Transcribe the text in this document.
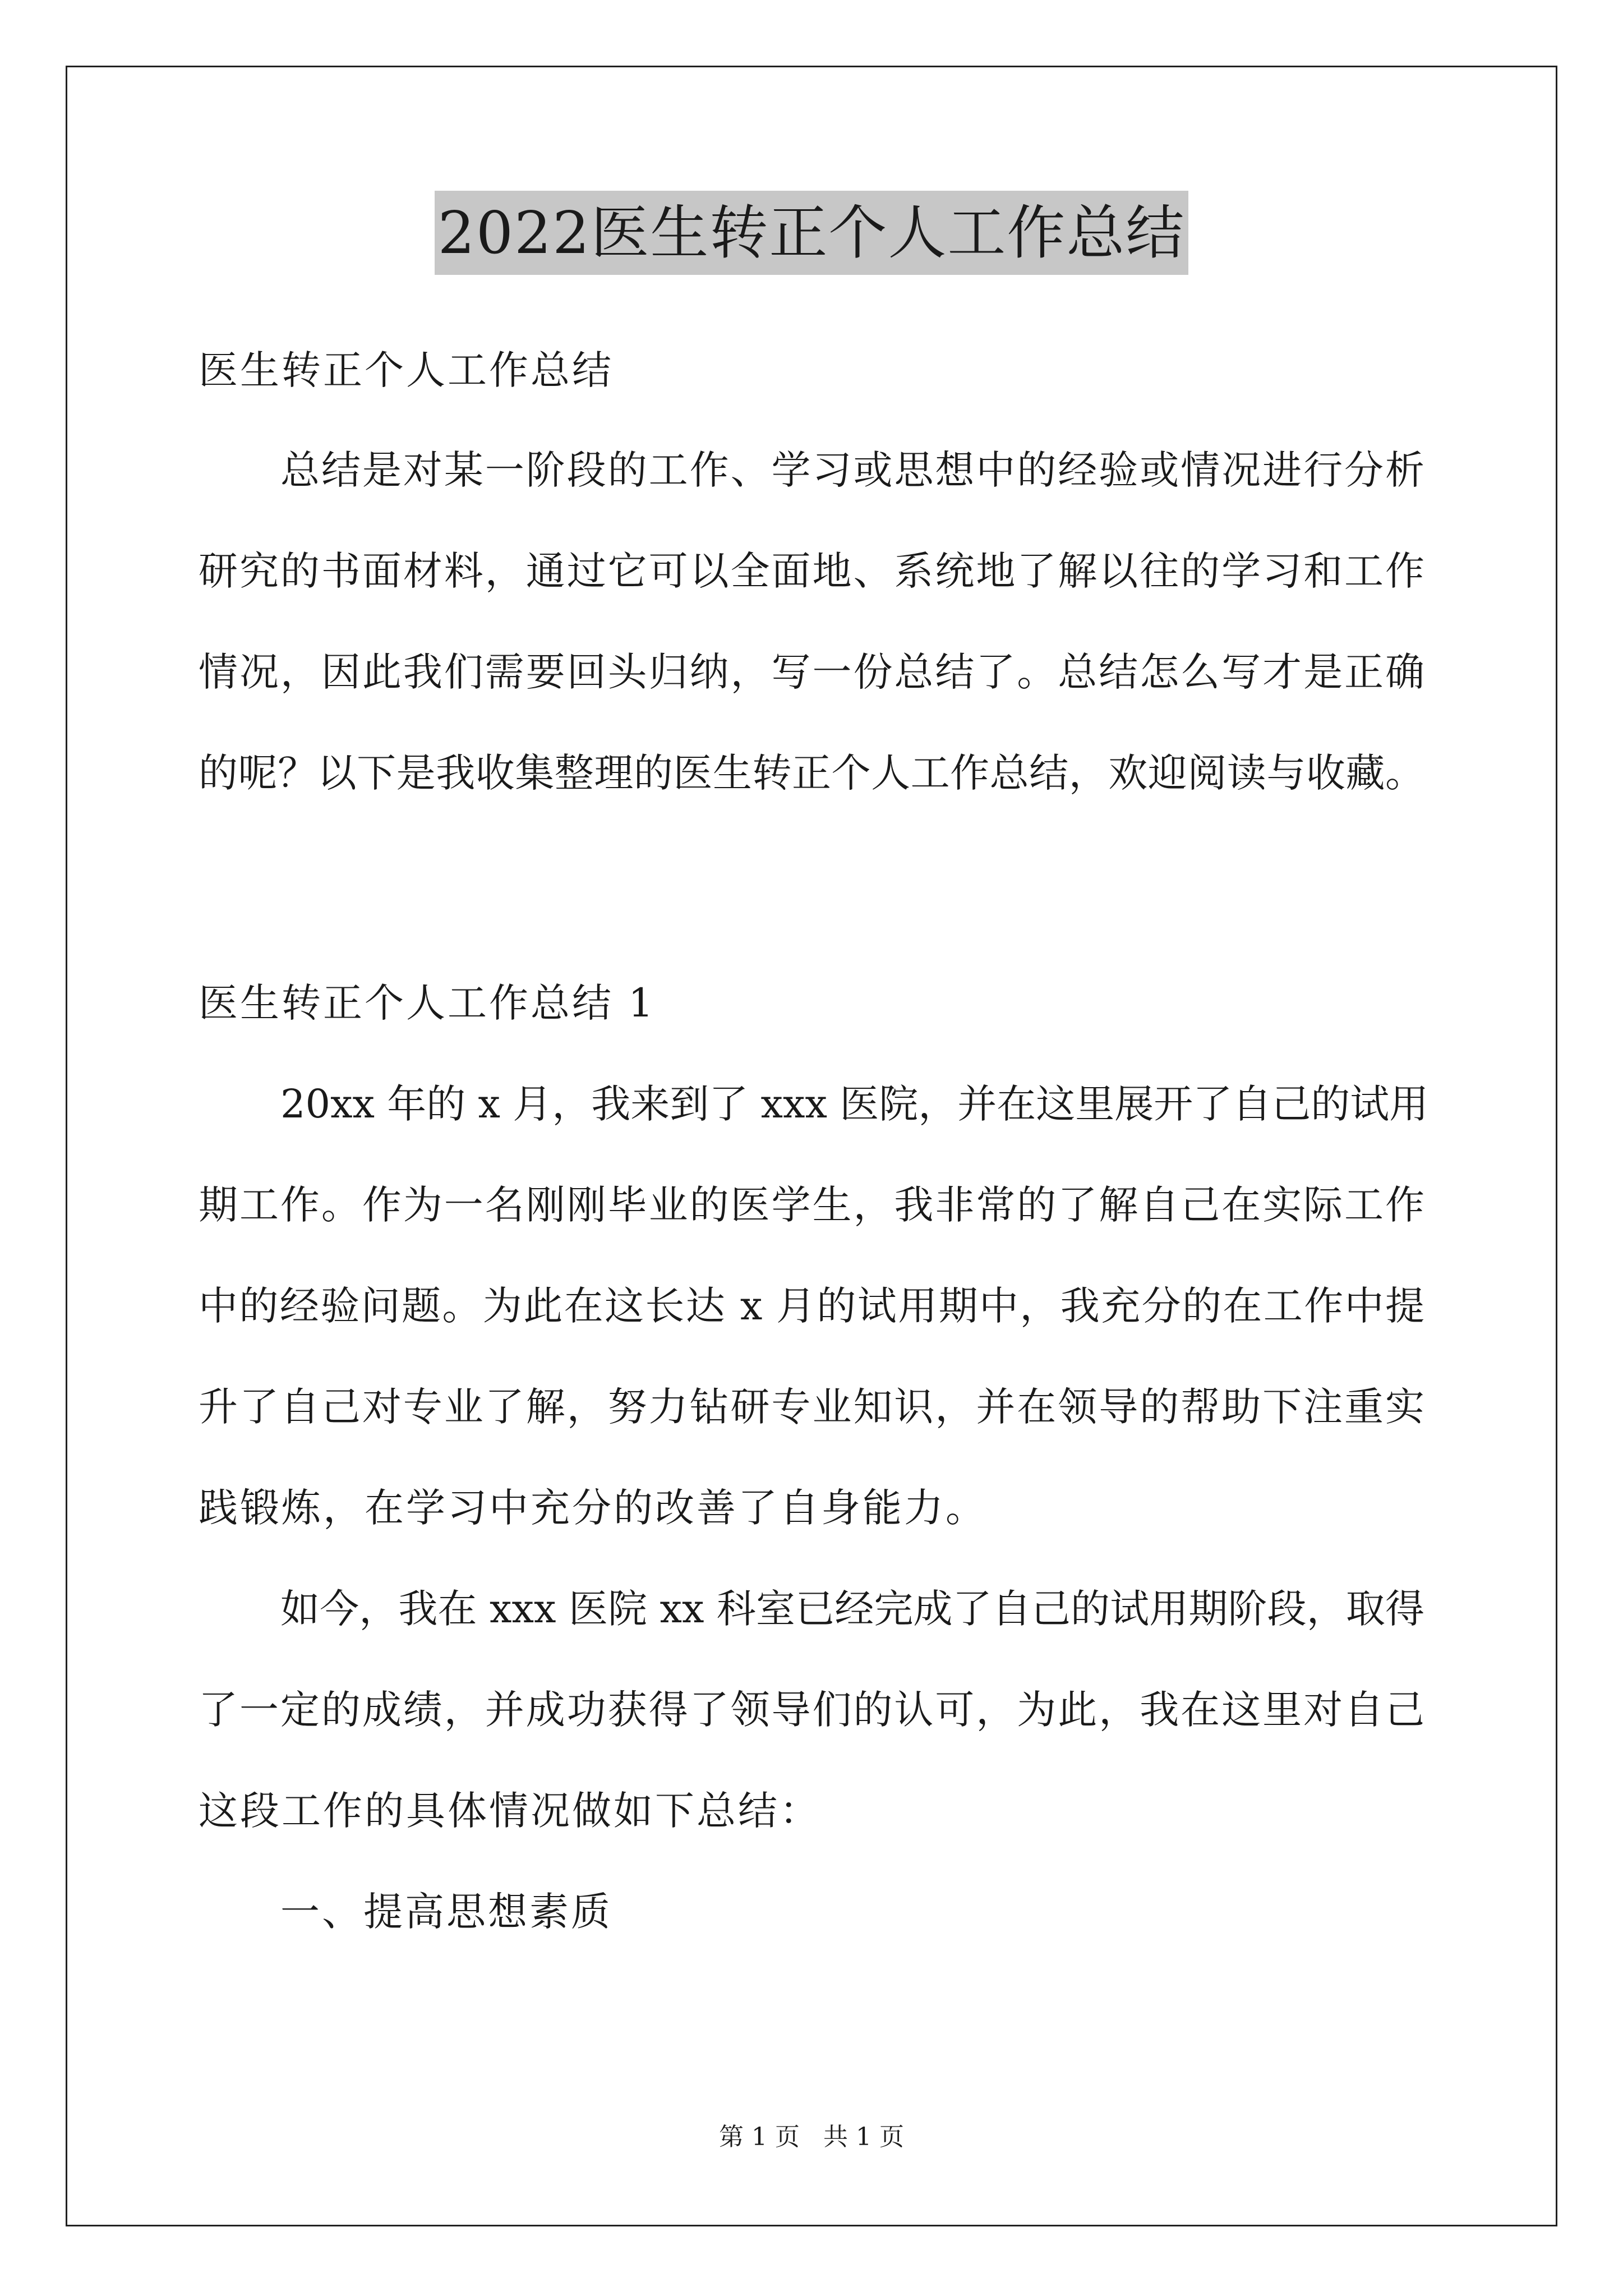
2022医生转正个人工作总结
医生转正个人工作总结
总结是对某一阶段的工作、学习或思想中的经验或情况进行分析
研究的书面材料，通过它可以全面地、系统地了解以往的学习和工作
情况，因此我们需要回头归纳，写一份总结了。总结怎么写才是正确
的呢？以下是我收集整理的医生转正个人工作总结，欢迎阅读与收藏。
医生转正个人工作总结 1
20xx 年的 x 月，我来到了 xxx 医院，并在这里展开了自己的试用
期工作。作为一名刚刚毕业的医学生，我非常的了解自己在实际工作
中的经验问题。为此在这长达 x 月的试用期中，我充分的在工作中提
升了自己对专业了解，努力钻研专业知识，并在领导的帮助下注重实
践锻炼，在学习中充分的改善了自身能力。
如今，我在 xxx 医院 xx 科室已经完成了自己的试用期阶段，取得
了一定的成绩，并成功获得了领导们的认可，为此，我在这里对自己
这段工作的具体情况做如下总结：
一、提高思想素质
第 1 页   共 1 页
